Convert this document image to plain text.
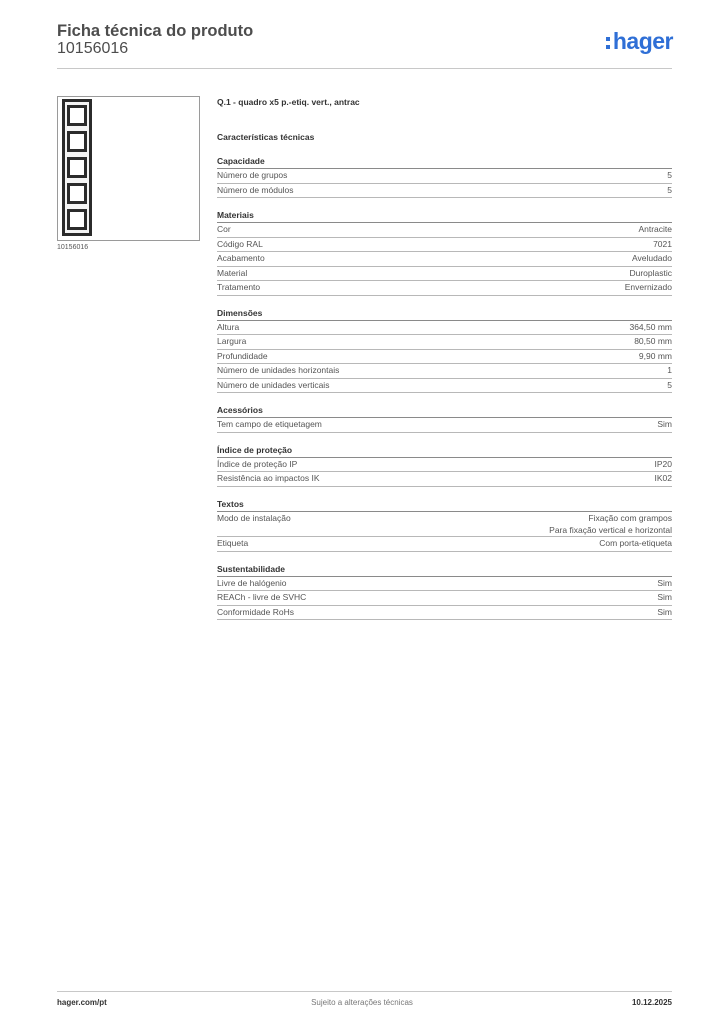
Ficha técnica do produto
10156016	hager
10156016
Q.1 - quadro x5 p.-etiq. vert., antrac
Características técnicas
Capacidade
Número de grupos	5
Número de módulos	5
Materiais
Cor	Antracite
Código RAL	7021
Acabamento	Aveludado
Material	Duroplastic
Tratamento	Envernizado
Dimensões
Altura	364,50 mm
Largura	80,50 mm
Profundidade	9,90 mm
Número de unidades horizontais	1
Número de unidades verticais	5
Acessórios
Tem campo de etiquetagem	Sim
Índice de proteção
Índice de proteção IP	IP20
Resistência ao impactos IK	IK02
Textos
Modo de instalação	Fixação com grampos
Para fixação vertical e horizontal
Etiqueta	Com porta-etiqueta
Sustentabilidade
Livre de halógenio	Sim
REACh - livre de SVHC	Sim
Conformidade RoHs	Sim
hager.com/pt	Sujeito a alterações técnicas	10.12.2025
